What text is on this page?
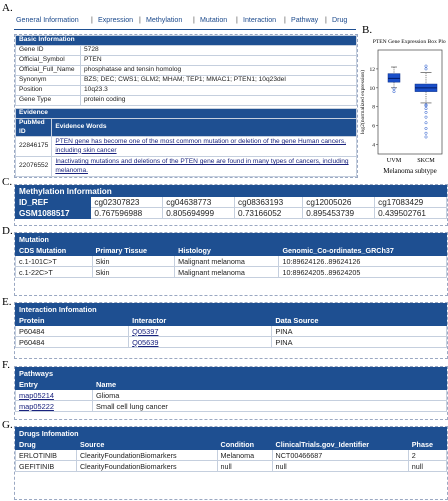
A.
B.
C.
D.
E.
F.
G.
General Information | Expression | Methylation | Mutation | Interaction | Pathway | Drug
Basic Information	
Gene ID	5728
Official_Symbol	PTEN
Official_Full_Name	phosphatase and tensin homolog
Synonym	BZS; DEC; CWS1; GLM2; MHAM; TEP1; MMAC1; PTEN1; 10q23del
Position	10q23.3
Gene Type	protein coding
Evidence	
PubMed ID	Evidence Words
22846175	PTEN gene has become one of the most common mutation or deletion of the gene Human cancers, including skin cancer
22076552	Inactivating mutations and deletions of the PTEN gene are found in many types of cancers, including melanoma.
PTEN Gene Expression Box Plot
4
6
8
10
12
log2(normalized expression)
UVM	SKCM
Melanoma subtype
Methylation Information					
ID_REF	cg02307823	cg04638773	cg08363193	cg12005026	cg17083429
GSM1088517	0.767596988	0.805694999	0.73166052	0.895453739	0.439502761
Mutation			
CDS Mutation	Primary Tissue	Histology	Genomic_Co-ordinates_GRCh37
c.1-101C>T	Skin	Malignant melanoma	10:89624126..89624126
c.1-22C>T	Skin	Malignant melanoma	10:89624205..89624205
Interaction Infomation		
Protein	Interactor	Data Source
P60484	Q05397	PINA
P60484	Q05639	PINA
Pathways	
Entry	Name
map05214	Glioma
map05222	Small cell lung cancer
Drugs Infomation				
Drug	Source	Condition	ClinicalTrials.gov_Identifier	Phase
ERLOTINIB	ClearityFoundationBiomarkers	Melanoma	NCT00466687	2
GEFITINIB	ClearityFoundationBiomarkers	null	null	null
